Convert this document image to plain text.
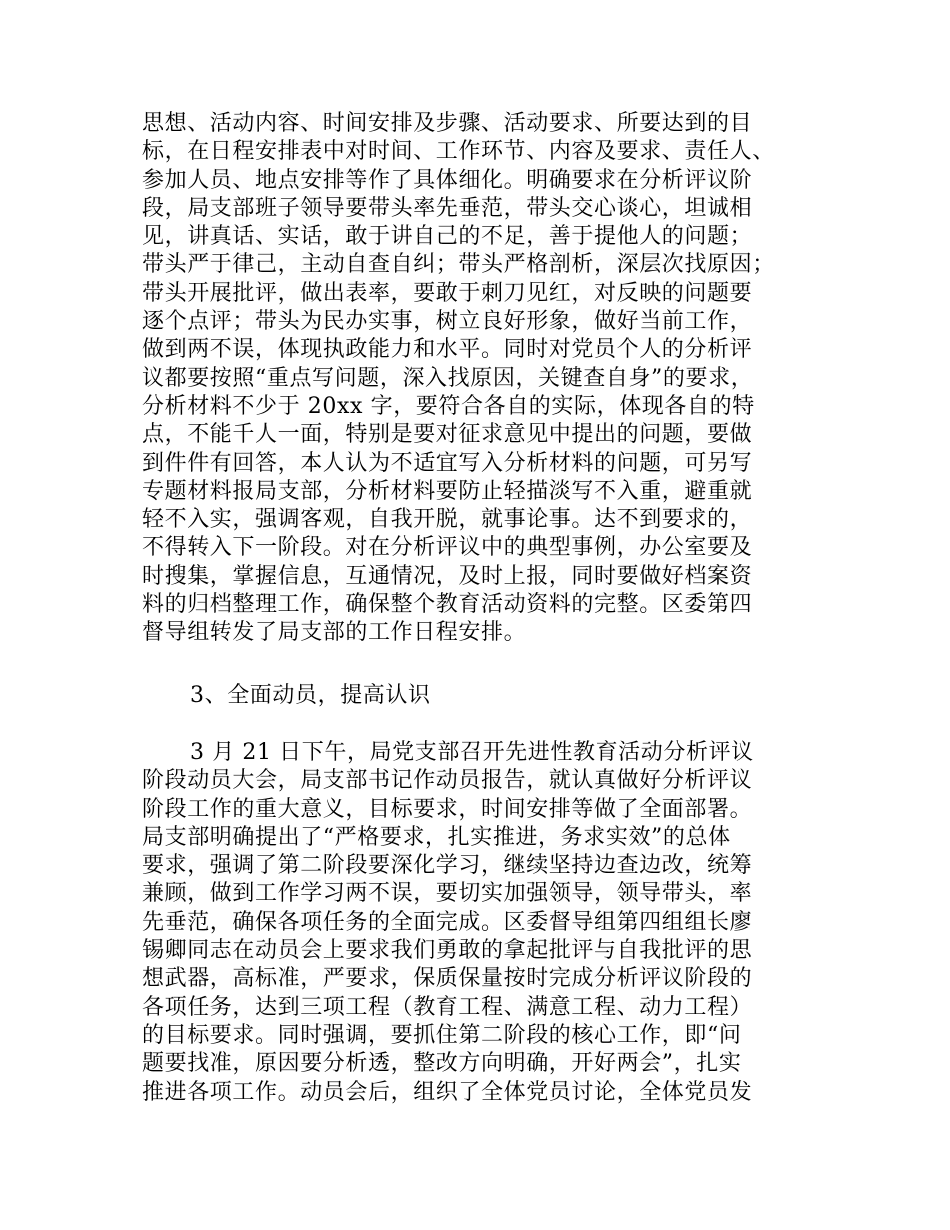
思想、活动内容、时间安排及步骤、活动要求、所要达到的目
标，在日程安排表中对时间、工作环节、内容及要求、责任人、
参加人员、地点安排等作了具体细化。明确要求在分析评议阶
段，局支部班子领导要带头率先垂范，带头交心谈心，坦诚相
见，讲真话、实话，敢于讲自己的不足，善于提他人的问题；
带头严于律己，主动自查自纠；带头严格剖析，深层次找原因；
带头开展批评，做出表率，要敢于刺刀见红，对反映的问题要
逐个点评；带头为民办实事，树立良好形象，做好当前工作，
做到两不误，体现执政能力和水平。同时对党员个人的分析评
议都要按照“重点写问题，深入找原因，关键查自身”的要求，
分析材料不少于 20xx 字，要符合各自的实际，体现各自的特
点，不能千人一面，特别是要对征求意见中提出的问题，要做
到件件有回答，本人认为不适宜写入分析材料的问题，可另写
专题材料报局支部，分析材料要防止轻描淡写不入重，避重就
轻不入实，强调客观，自我开脱，就事论事。达不到要求的，
不得转入下一阶段。对在分析评议中的典型事例，办公室要及
时搜集，掌握信息，互通情况，及时上报，同时要做好档案资
料的归档整理工作，确保整个教育活动资料的完整。区委第四
督导组转发了局支部的工作日程安排。
3、全面动员，提高认识
3 月 21 日下午，局党支部召开先进性教育活动分析评议
阶段动员大会，局支部书记作动员报告，就认真做好分析评议
阶段工作的重大意义，目标要求，时间安排等做了全面部署。
局支部明确提出了“严格要求，扎实推进，务求实效”的总体
要求，强调了第二阶段要深化学习，继续坚持边查边改，统筹
兼顾，做到工作学习两不误，要切实加强领导，领导带头，率
先垂范，确保各项任务的全面完成。区委督导组第四组组长廖
锡卿同志在动员会上要求我们勇敢的拿起批评与自我批评的思
想武器，高标准，严要求，保质保量按时完成分析评议阶段的
各项任务，达到三项工程（教育工程、满意工程、动力工程）
的目标要求。同时强调，要抓住第二阶段的核心工作，即“问
题要找准，原因要分析透，整改方向明确，开好两会”，扎实
推进各项工作。动员会后，组织了全体党员讨论，全体党员发
